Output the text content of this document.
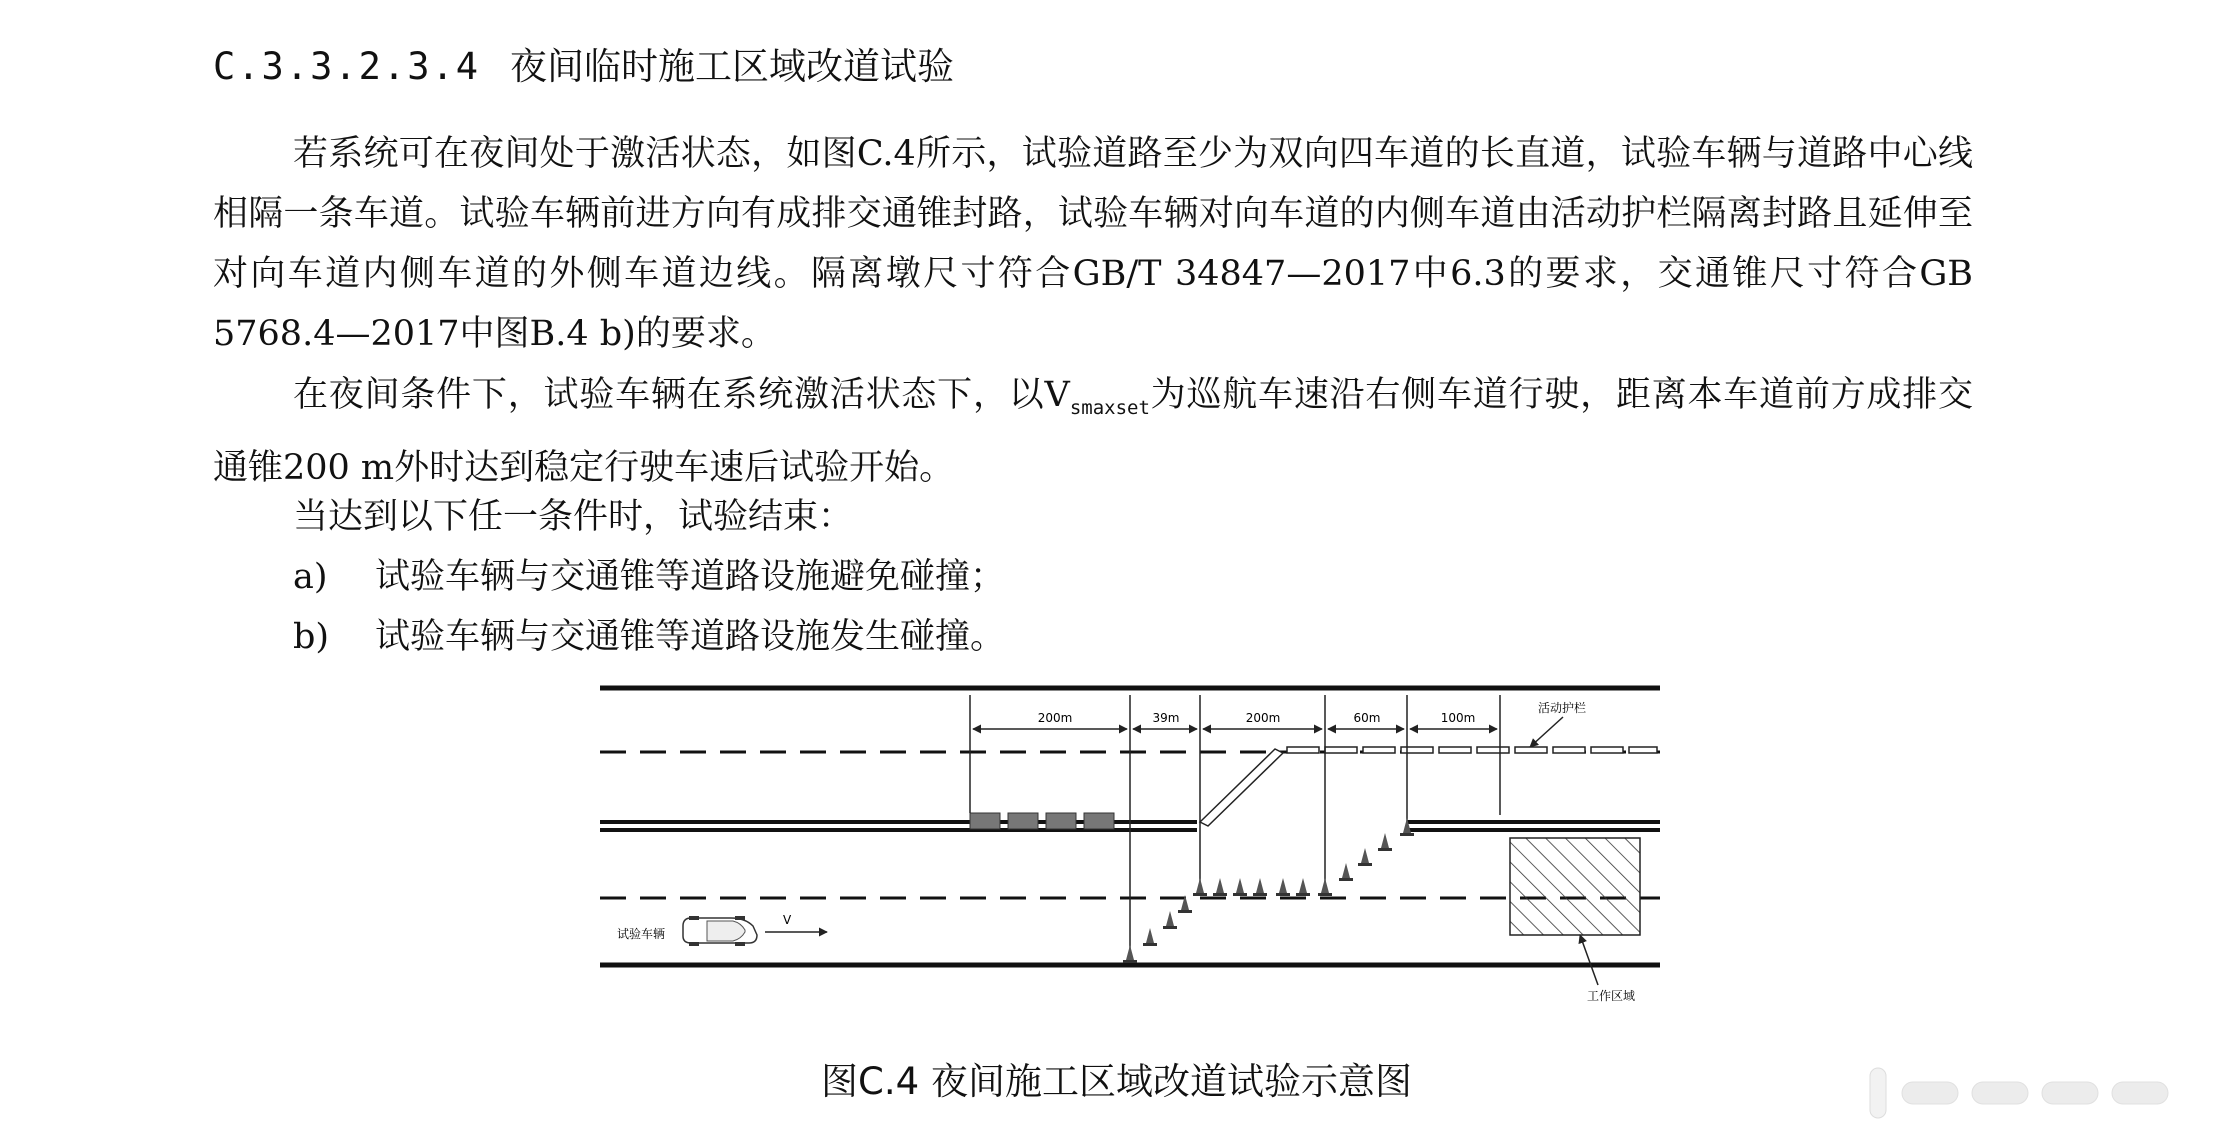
C.3.3.2.3.4 夜间临时施工区域改道试验
若系统可在夜间处于激活状态，如图C.4所示，试验道路至少为双向四车道的长直道，试验车辆与道路中心线相隔一条车道。试验车辆前进方向有成排交通锥封路，试验车辆对向车道的内侧车道由活动护栏隔离封路且延伸至对向车道内侧车道的外侧车道边线。隔离墩尺寸符合GB/T 34847—2017中6.3的要求，交通锥尺寸符合GB 5768.4—2017中图B.4 b)的要求。
在夜间条件下，试验车辆在系统激活状态下，以$V_{smaxset}$为巡航车速沿右侧车道行驶，距离本车道前方成排交通锥200 m外时达到稳定行驶车速后试验开始。
当达到以下任一条件时，试验结束：
a) 试验车辆与交通锥等道路设施避免碰撞；
b) 试验车辆与交通锥等道路设施发生碰撞。
200m	39m	200m	60m	100m
活动护栏
工作区域
试验车辆
V
图C.4 夜间施工区域改道试验示意图
